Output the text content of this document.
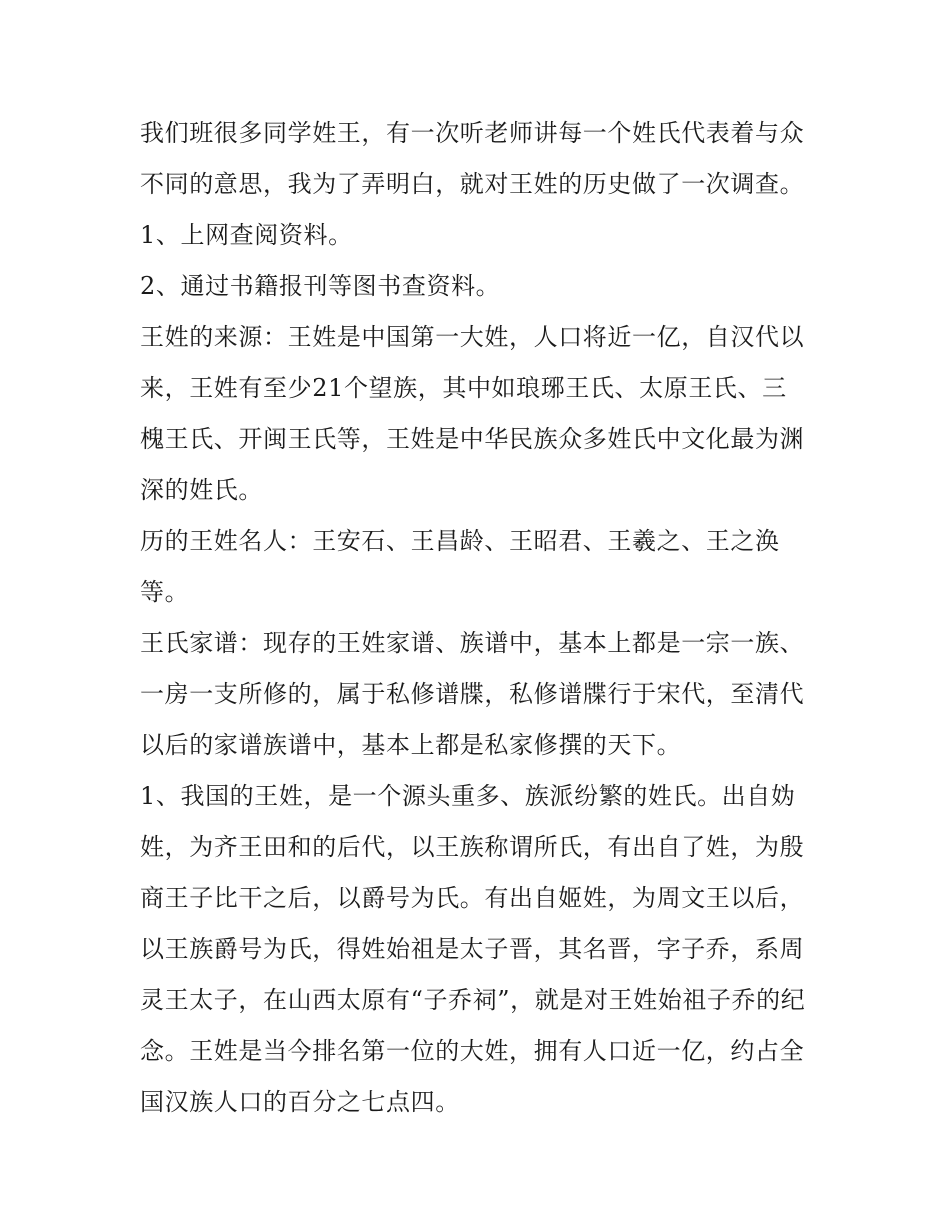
我们班很多同学姓王，有一次听老师讲每一个姓氏代表着与众
不同的意思，我为了弄明白，就对王姓的历史做了一次调查。
1、上网查阅资料。
2、通过书籍报刊等图书查资料。
王姓的来源：王姓是中国第一大姓，人口将近一亿，自汉代以
来，王姓有至少21个望族，其中如琅琊王氏、太原王氏、三
槐王氏、开闽王氏等，王姓是中华民族众多姓氏中文化最为渊
深的姓氏。
历的王姓名人：王安石、王昌龄、王昭君、王羲之、王之涣
等。
王氏家谱：现存的王姓家谱、族谱中，基本上都是一宗一族、
一房一支所修的，属于私修谱牒，私修谱牒行于宋代，至清代
以后的家谱族谱中，基本上都是私家修撰的天下。
1、我国的王姓，是一个源头重多、族派纷繁的姓氏。出自妫
姓，为齐王田和的后代，以王族称谓所氏，有出自了姓，为殷
商王子比干之后，以爵号为氏。有出自姬姓，为周文王以后，
以王族爵号为氏，得姓始祖是太子晋，其名晋，字子乔，系周
灵王太子，在山西太原有“子乔祠”，就是对王姓始祖子乔的纪
念。王姓是当今排名第一位的大姓，拥有人口近一亿，约占全
国汉族人口的百分之七点四。
